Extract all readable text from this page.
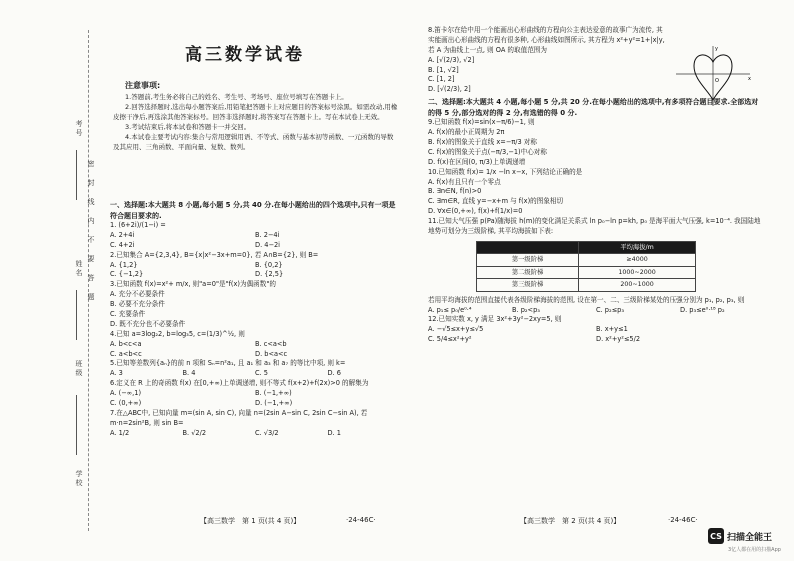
考号
姓名
班级
学校
密封线内不要答题
高三数学试卷
注意事项:

1.答题前,考生务必将自己的姓名、考生号、考场号、座位号填写在答题卡上。

2.回答选择题时,选出每小题答案后,用铅笔把答题卡上对应题目的答案标号涂黑。如需改动,用橡皮擦干净后,再选涂其他答案标号。回答非选择题时,将答案写在答题卡上。写在本试卷上无效。

3.考试结束后,将本试卷和答题卡一并交回。

4.本试卷主要考试内容:集合与常用逻辑用语、不等式、函数与基本初等函数、一元函数的导数及其应用、三角函数、平面向量、复数、数列。

一、选择题:本大题共 8 小题,每小题 5 分,共 40 分.在每小题给出的四个选项中,只有一项是符合题目要求的.
1. (6+2i)/(1−i) =
A. 2+4i	B. 2−4i
C. 4+2i	D. 4−2i
2.已知集合 A={2,3,4}, B={x|x²−3x+m=0}, 若 A∩B={2}, 则 B=
A. {1,2}	B. {0,2}
C. {−1,2}	D. {2,5}
3.已知函数 f(x)=x²+ m/x, 则"a=0"是"f(x)为偶函数"的
A. 充分不必要条件
B. 必要不充分条件
C. 充要条件
D. 既不充分也不必要条件
4.已知 a=3log₂2, b=log₃5, c=(1/3)^½, 则
A. b<c<a	B. c<a<b
C. a<b<c	D. b<a<c
5.已知等差数列{aₙ}的前 n 项和 Sₙ=n²a₁, 且 a₁ 和 a₃ 和 a₇ 的等比中项, 则 k=
A. 3	B. 4	C. 5	D. 6
6.定义在 R 上的奇函数 f(x) 在[0,+∞)上单调递增, 则不等式 f(x+2)+f(2x)>0 的解集为
A. (−∞,1)	B. (−1,+∞)
C. (0,+∞)	D. (−1,+∞)
7.在△ABC中, 已知向量 m=(sin A, sin C), 向量 n=(2sin A−sin C, 2sin C−sin A), 若 m·n=2sin²B, 则 sin B=
A. 1/2	B. √2/2	C. √3/2	D. 1
【高三数学　第 1 页(共 4 页)】	·24-46C·
8.笛卡尔在给中用一个能画出心形曲线的方程向公主表达爱意的故事广为流传, 其实能画出心形曲线的方程有很多种, 心形曲线如图所示, 其方程为 x²+y²=1+|x|y, 若 A 为曲线上一点, 则 OA 的取值范围为
A. [√(2/3), √2]
B. [1, √2]
C. [1, 2]
D. [√(2/3), 2]
二、选择题:本大题共 4 小题,每小题 5 分,共 20 分.在每小题给出的选项中,有多项符合题目要求.全部选对的得 5 分,部分选对的得 2 分,有选错的得 0 分.
9.已知函数 f(x)=sin(x−π/6)−1, 则
A. f(x)的最小正周期为 2π
B. f(x)的图象关于直线 x=−π/3 对称
C. f(x)的图象关于点(−π/3,−1)中心对称
D. f(x)在区间(0, π/3)上单调递增
10.已知函数 f(x)= 1/x −ln x−x, 下列结论正确的是
A. f(x)有且只有一个零点
B. ∃n∈N, f(n)>0
C. ∃m∈R, 直线 y=−x+m 与 f(x)的图象相切
D. ∀x∈(0,+∞), f(x)+f(1/x)=0
11.已知大气压强 p(Pa)随海拔 h(m)的变化满足关系式 ln p₀−ln p=kh, p₀ 是海平面大气压强, k=10⁻⁴. 我国陆地地势可划分为三级阶梯, 其平均海拔如下表:
	平均海拔/m
第一级阶梯	≥4000
第二级阶梯	1000~2000
第三级阶梯	200~1000
若用平均海拔的范围直接代表各级阶梯海拔的范围, 设在第一、二、三级阶梯某处的压强分别为 p₁, p₂, p₃, 则
A. p₁≤ p₀/e⁰·⁴	B. p₂<p₃	C. p₂≤p₃	D. p₃≤e⁰·¹⁸ p₂
12.已知实数 x, y 满足 3x²+3y²−2xy=5, 则
A. −√5≤x+y≤√5	B. x+y≤1
C. 5/4≤x²+y²	D. x²+y²≤5/2
O	x
y
【高三数学　第 2 页(共 4 页)】	·24-46C·
CS 扫描全能王
3亿人都在用的扫描App
